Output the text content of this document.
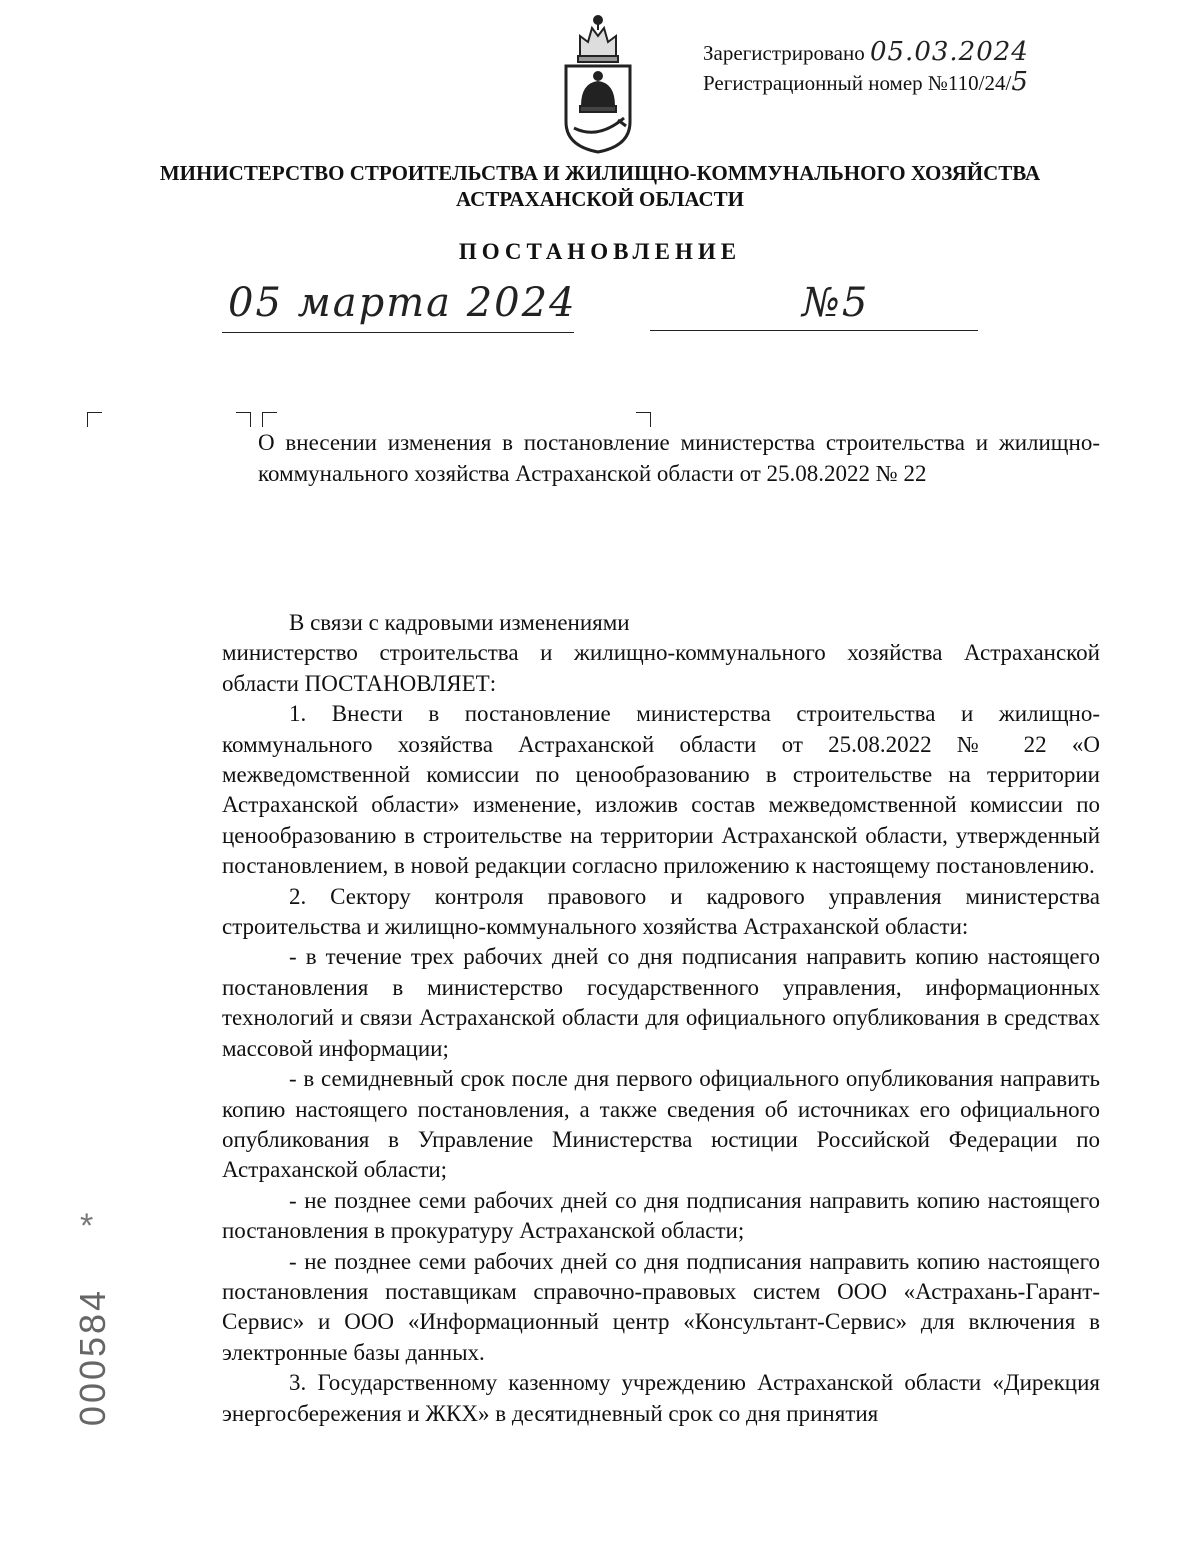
Зарегистрировано 05.03.2024
Регистрационный номер №110/24/5
МИНИСТЕРСТВО СТРОИТЕЛЬСТВА И ЖИЛИЩНО-КОММУНАЛЬНОГО ХОЗЯЙСТВА
АСТРАХАНСКОЙ ОБЛАСТИ
ПОСТАНОВЛЕНИЕ
05 марта 2024	№5
О внесении изменения в постановление министерства строительства и жилищно-коммунального хозяйства Астраханской области от 25.08.2022 № 22

В связи с кадровыми изменениями

министерство строительства и жилищно-коммунального хозяйства Астраханской области ПОСТАНОВЛЯЕТ:

1. Внести в постановление министерства строительства и жилищно-коммунального хозяйства Астраханской области от 25.08.2022 № 22 «О межведомственной комиссии по ценообразованию в строительстве на территории Астраханской области» изменение, изложив состав межведомственной комиссии по ценообразованию в строительстве на территории Астраханской области, утвержденный постановлением, в новой редакции согласно приложению к настоящему постановлению.

2. Сектору контроля правового и кадрового управления министерства строительства и жилищно-коммунального хозяйства Астраханской области:

- в течение трех рабочих дней со дня подписания направить копию настоящего постановления в министерство государственного управления, информационных технологий и связи Астраханской области для официального опубликования в средствах массовой информации;

- в семидневный срок после дня первого официального опубликования направить копию настоящего постановления, а также сведения об источниках его официального опубликования в Управление Министерства юстиции Российской Федерации по Астраханской области;

- не позднее семи рабочих дней со дня подписания направить копию настоящего постановления в прокуратуру Астраханской области;

- не позднее семи рабочих дней со дня подписания направить копию настоящего постановления поставщикам справочно-правовых систем ООО «Астрахань-Гарант-Сервис» и ООО «Информационный центр «Консультант-Сервис» для включения в электронные базы данных.

3. Государственному казенному учреждению Астраханской области «Дирекция энергосбережения и ЖКХ» в десятидневный срок со дня принятия

*
000584
